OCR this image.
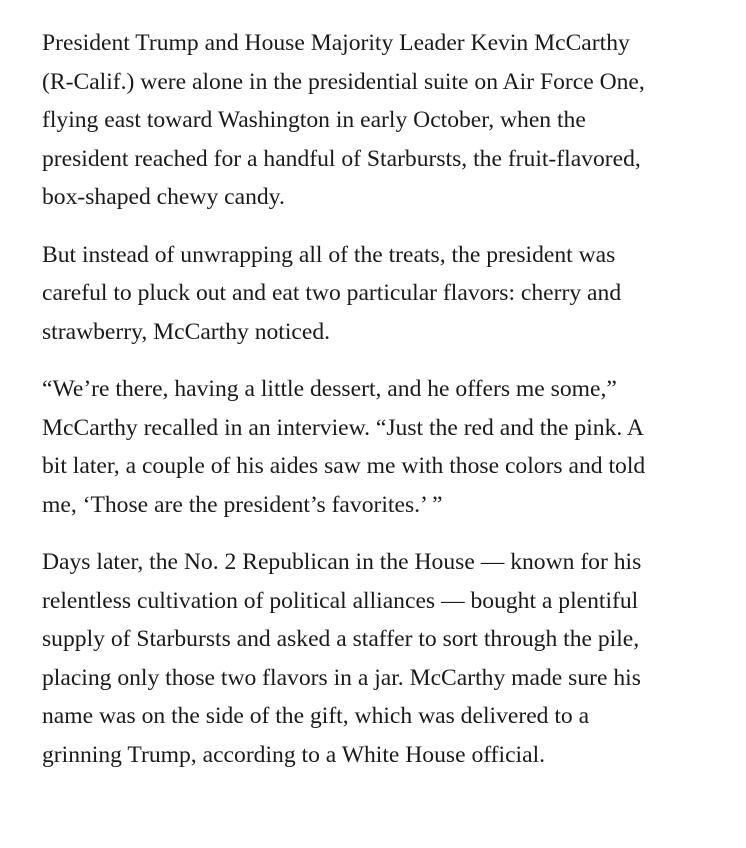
President Trump and House Majority Leader Kevin McCarthy
(R-Calif.) were alone in the presidential suite on Air Force One,
flying east toward Washington in early October, when the
president reached for a handful of Starbursts, the fruit-flavored,
box-shaped chewy candy.

But instead of unwrapping all of the treats, the president was
careful to pluck out and eat two particular flavors: cherry and
strawberry, McCarthy noticed.

“We’re there, having a little dessert, and he offers me some,”
McCarthy recalled in an interview. “Just the red and the pink. A
bit later, a couple of his aides saw me with those colors and told
me, ‘Those are the president’s favorites.’ ”

Days later, the No. 2 Republican in the House — known for his
relentless cultivation of political alliances — bought a plentiful
supply of Starbursts and asked a staffer to sort through the pile,
placing only those two flavors in a jar. McCarthy made sure his
name was on the side of the gift, which was delivered to a
grinning Trump, according to a White House official.
